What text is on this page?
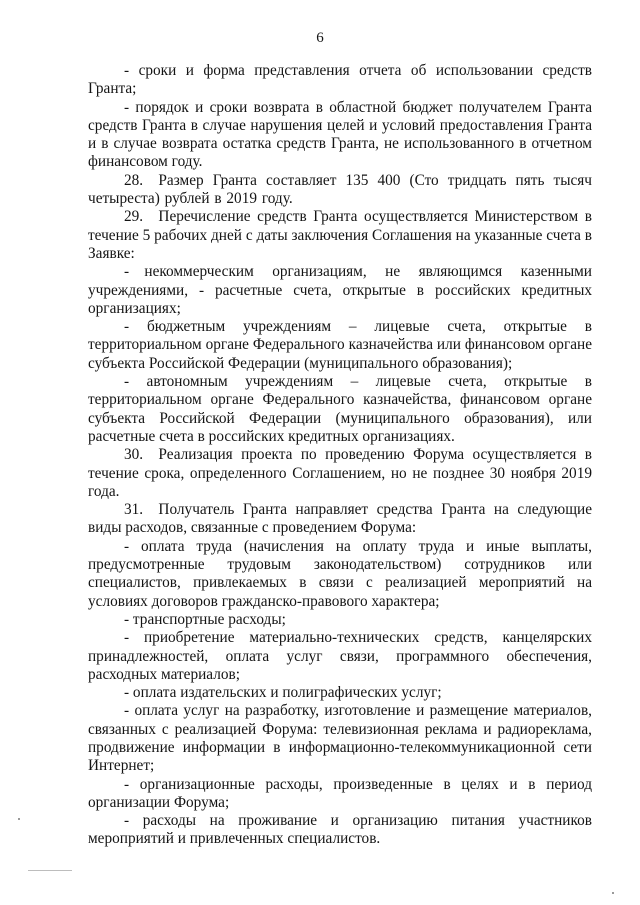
6

- сроки и форма представления отчета об использовании средств Гранта;

- порядок и сроки возврата в областной бюджет получателем Гранта средств Гранта в случае нарушения целей и условий предоставления Гранта и в случае возврата остатка средств Гранта, не использованного в отчетном финансовом году.

28. Размер Гранта составляет 135 400 (Сто тридцать пять тысяч четыреста) рублей в 2019 году.

29. Перечисление средств Гранта осуществляется Министерством в течение 5 рабочих дней с даты заключения Соглашения на указанные счета в Заявке:

- некоммерческим организациям, не являющимся казенными учреждениями, - расчетные счета, открытые в российских кредитных организациях;

- бюджетным учреждениям – лицевые счета, открытые в территориальном органе Федерального казначейства или финансовом органе субъекта Российской Федерации (муниципального образования);

- автономным учреждениям – лицевые счета, открытые в территориальном органе Федерального казначейства, финансовом органе субъекта Российской Федерации (муниципального образования), или расчетные счета в российских кредитных организациях.

30. Реализация проекта по проведению Форума осуществляется в течение срока, определенного Соглашением, но не позднее 30 ноября 2019 года.

31. Получатель Гранта направляет средства Гранта на следующие виды расходов, связанные с проведением Форума:

- оплата труда (начисления на оплату труда и иные выплаты, предусмотренные трудовым законодательством) сотрудников или специалистов, привлекаемых в связи с реализацией мероприятий на условиях договоров гражданско-правового характера;

- транспортные расходы;

- приобретение материально-технических средств, канцелярских принадлежностей, оплата услуг связи, программного обеспечения, расходных материалов;

- оплата издательских и полиграфических услуг;

- оплата услуг на разработку, изготовление и размещение материалов, связанных с реализацией Форума: телевизионная реклама и радиореклама, продвижение информации в информационно-телекоммуникационной сети Интернет;

- организационные расходы, произведенные в целях и в период организации Форума;

- расходы на проживание и организацию питания участников мероприятий и привлеченных специалистов.
